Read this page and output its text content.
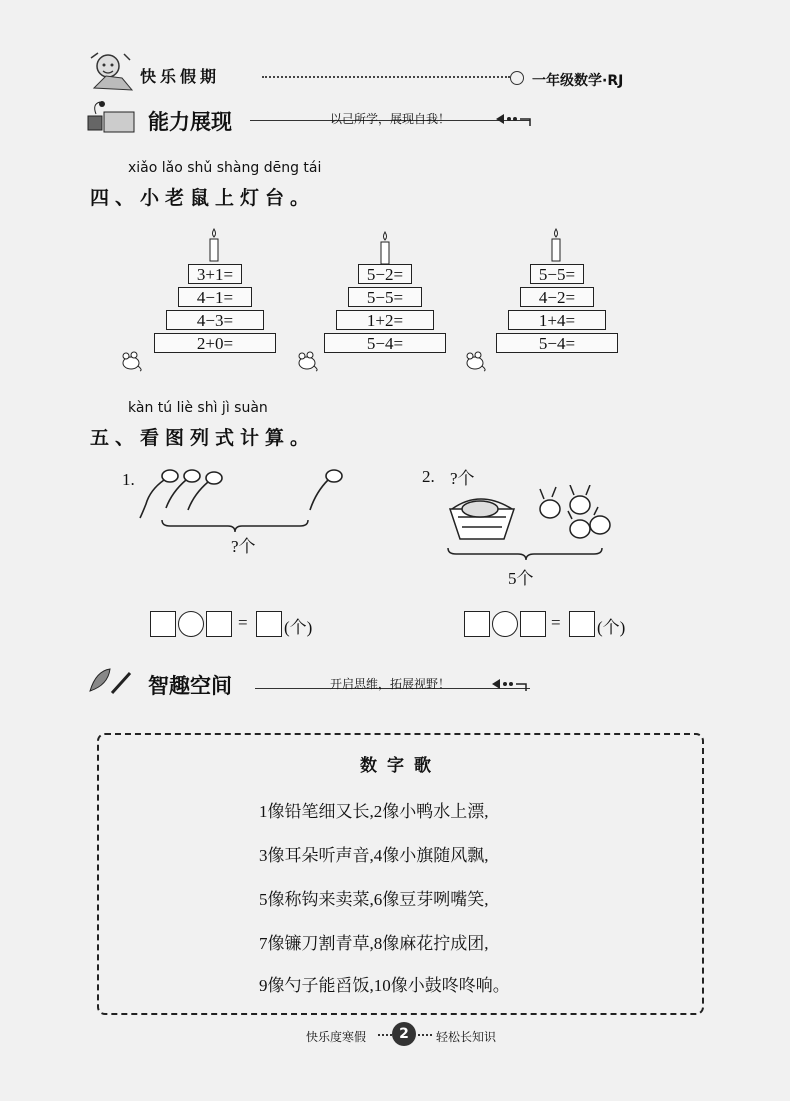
快乐假期	一年级数学·RJ
能力展现	以己所学，展现自我！
xiǎo lǎo shǔ shàng dēng tái
四、小老鼠上灯台。
3+1=
4−1=
4−3=
2+0=
5−2=
5−5=
1+2=
5−4=
5−5=
4−2=
1+4=
5−4=
kàn tú liè shì jì suàn
五、看图列式计算。
1.
?个
= (个)
2. ?个
5个
= (个)
智趣空间	开启思维，拓展视野！
数字歌
1像铅笔细又长,2像小鸭水上漂,
3像耳朵听声音,4像小旗随风飘,
5像称钩来卖菜,6像豆芽咧嘴笑,
7像镰刀割青草,8像麻花拧成团,
9像勺子能舀饭,10像小鼓咚咚响。
快乐度寒假	2	轻松长知识
